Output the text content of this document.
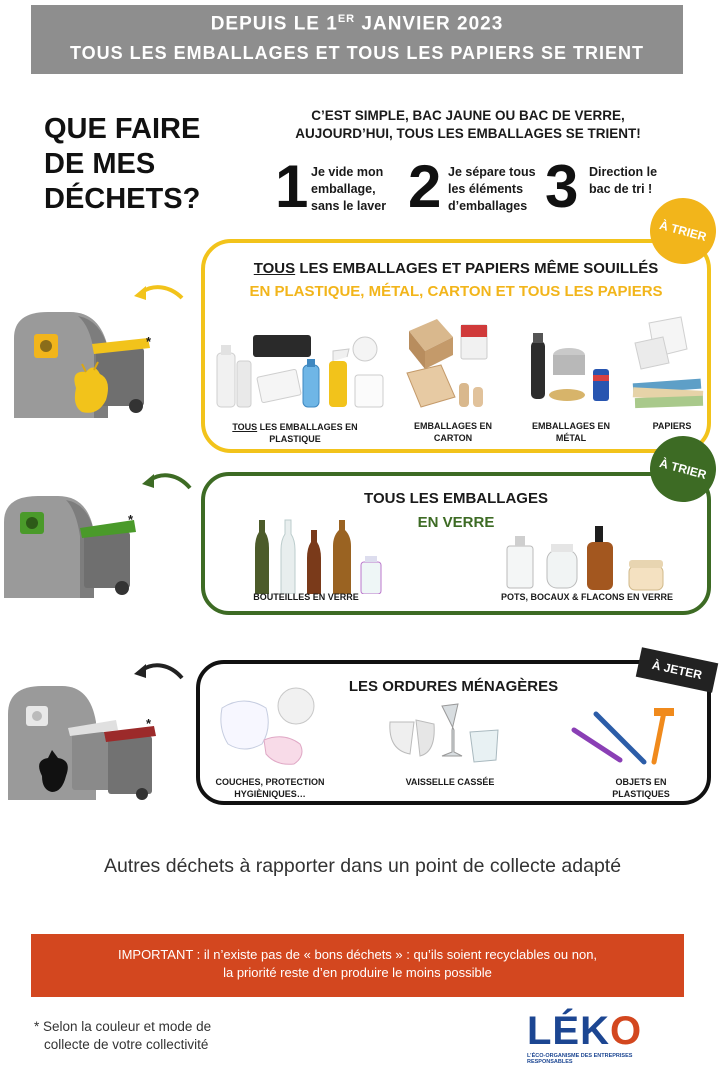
DEPUIS LE 1ER JANVIER 2023
TOUS LES EMBALLAGES ET TOUS LES PAPIERS SE TRIENT
QUE FAIRE
DE MES
DÉCHETS?
C’EST SIMPLE, BAC JAUNE OU BAC DE VERRE,
AUJOURD’HUI, TOUS LES EMBALLAGES SE TRIENT!
1 Je vide mon
emballage,
sans le laver 2 Je sépare tous
les éléments
d’emballages 3 Direction le
bac de tri !
*
TOUS LES EMBALLAGES ET PAPIERS MÊME SOUILLÉS
EN PLASTIQUE, MÉTAL, CARTON ET TOUS LES PAPIERS
TOUS LES EMBALLAGES EN
PLASTIQUE
EMBALLAGES EN
CARTON
EMBALLAGES EN
MÉTAL
PAPIERS
À TRIER
*
TOUS LES EMBALLAGES
EN VERRE
BOUTEILLES EN VERRE	POTS, BOCAUX & FLACONS EN VERRE
À TRIER
*
LES ORDURES MÉNAGÈRES
COUCHES, PROTECTION
HYGIÈNIQUES…
VAISSELLE CASSÉE	OBJETS EN
PLASTIQUES
À JETER
Autres déchets à rapporter dans un point de collecte adapté
IMPORTANT : il n’existe pas de « bons déchets » : qu’ils soient recyclables ou non,
la priorité reste d’en produire le moins possible
* Selon la couleur et mode de
collecte de votre collectivité	LÉKO
L’ÉCO-ORGANISME DES ENTREPRISES RESPONSABLES
